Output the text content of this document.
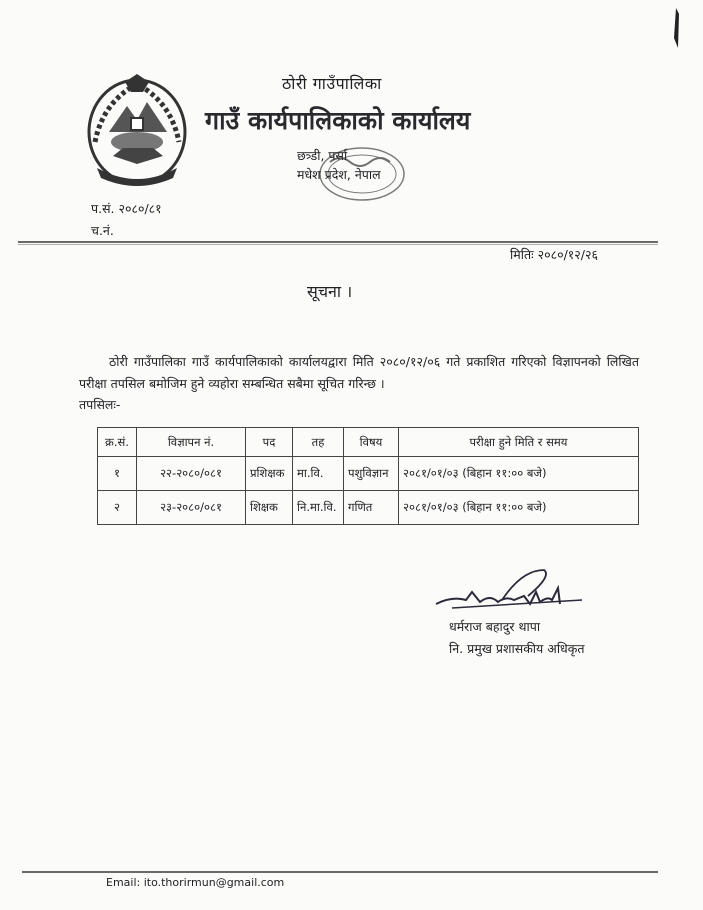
ठोरी गाउँपालिका
गाउँ कार्यपालिकाको कार्यालय
छत्र्डी, पर्सा
मधेश प्रदेश, नेपाल
प.सं. २०८०/८१
च.नं.
मितिः २०८०/१२/२६
सूचना ।
ठोरी गाउँपालिका गाउँ कार्यपालिकाको कार्यालयद्वारा मिति २०८०/१२/०६ गते प्रकाशित गरिएको विज्ञापनको लिखित परीक्षा तपसिल बमोजिम हुने व्यहोरा सम्बन्धित सबैमा सूचित गरिन्छ ।
तपसिलः-
क्र.सं.	विज्ञापन नं.	पद	तह	विषय	परीक्षा हुने मिति र समय
१	२२-२०८०/०८१	प्रशिक्षक	मा.वि.	पशुविज्ञान	२०८१/०१/०३ (बिहान ११:०० बजे)
२	२३-२०८०/०८१	शिक्षक	नि.मा.वि.	गणित	२०८१/०१/०३ (बिहान ११:०० बजे)
धर्मराज बहादुर थापा
नि. प्रमुख प्रशासकीय अधिकृत
Email: ito.thorirmun@gmail.com
